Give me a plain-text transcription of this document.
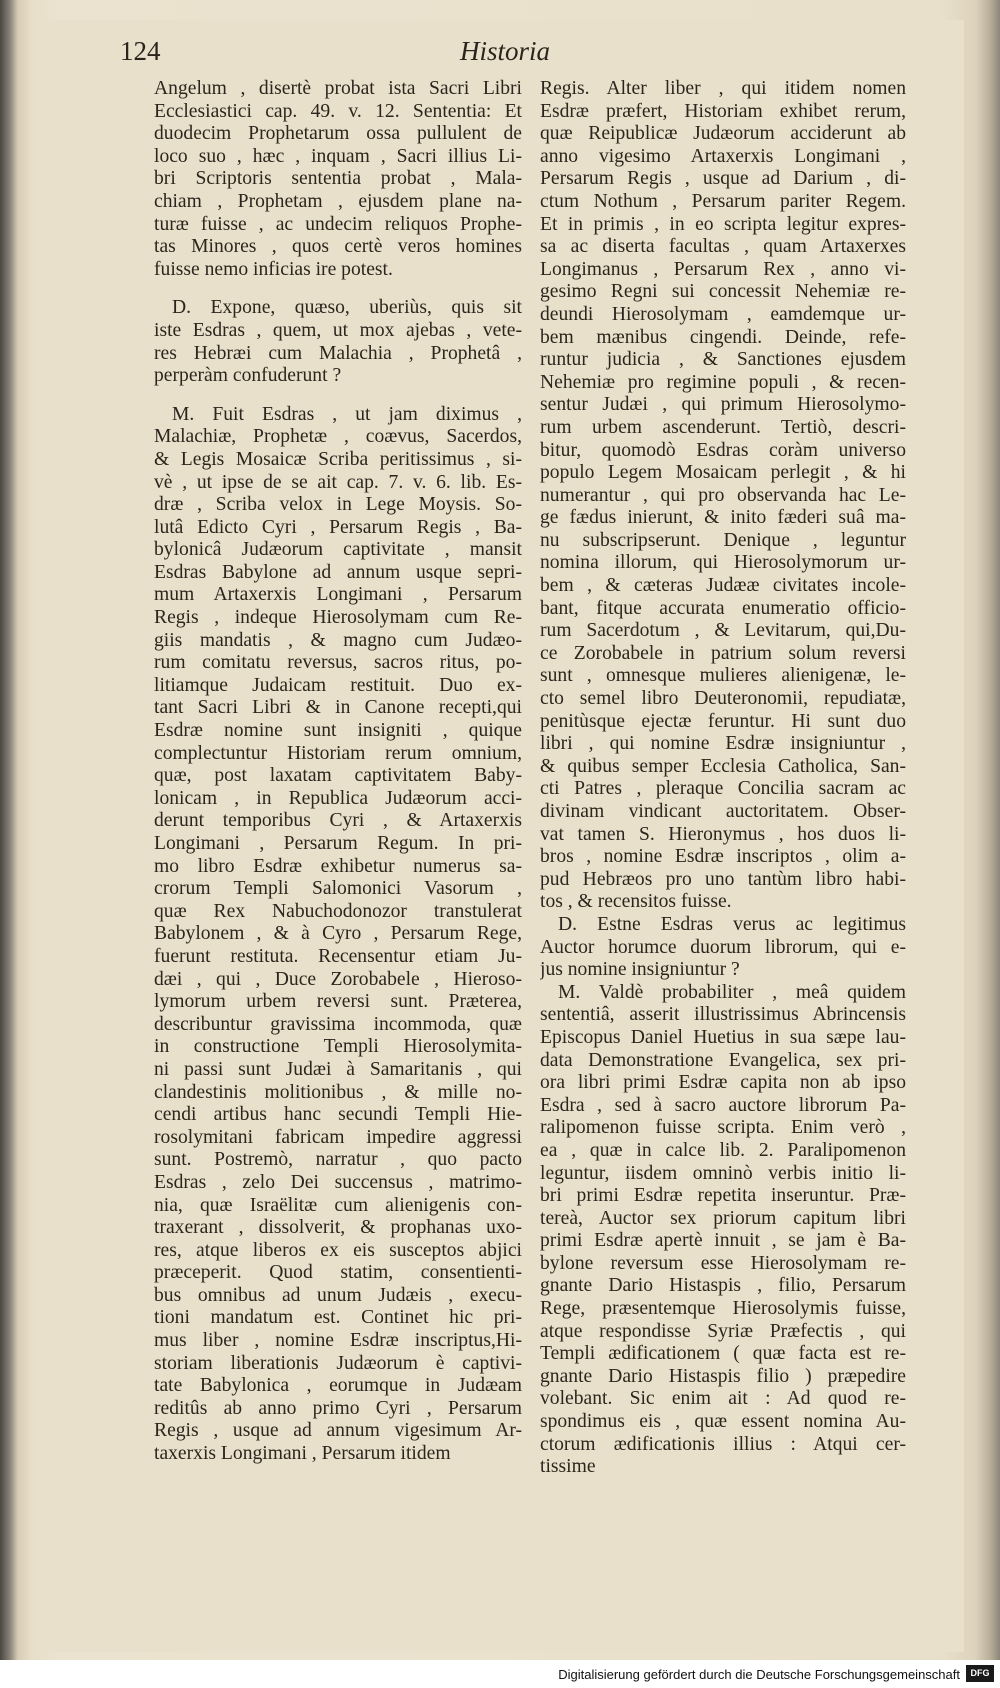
124	Historia
Angelum , disertè probat ista Sacri Libri
Ecclesiastici cap. 49. v. 12. Sententia: Et
duodecim Prophetarum ossa pullulent de
loco suo , hæc , inquam , Sacri illius Li-
bri Scriptoris sententia probat , Mala-
chiam , Prophetam , ejusdem plane na-
turæ fuisse , ac undecim reliquos Prophe-
tas Minores , quos certè veros homines
fuisse nemo inficias ire potest.
D. Expone, quæso, uberiùs, quis sit
iste Esdras , quem, ut mox ajebas , vete-
res Hebræi cum Malachia , Prophetâ ,
perperàm confuderunt ?
M. Fuit Esdras , ut jam diximus ,
Malachiæ, Prophetæ , coævus, Sacerdos,
& Legis Mosaicæ Scriba peritissimus , si-
vè , ut ipse de se ait cap. 7. v. 6. lib. Es-
dræ , Scriba velox in Lege Moysis. So-
lutâ Edicto Cyri , Persarum Regis , Ba-
bylonicâ Judæorum captivitate , mansit
Esdras Babylone ad annum usque sepri-
mum Artaxerxis Longimani , Persarum
Regis , indeque Hierosolymam cum Re-
giis mandatis , & magno cum Judæo-
rum comitatu reversus, sacros ritus, po-
litiamque Judaicam restituit. Duo ex-
tant Sacri Libri & in Canone recepti,qui
Esdræ nomine sunt insigniti , quique
complectuntur Historiam rerum omnium,
quæ, post laxatam captivitatem Baby-
lonicam , in Republica Judæorum acci-
derunt temporibus Cyri , & Artaxerxis
Longimani , Persarum Regum. In pri-
mo libro Esdræ exhibetur numerus sa-
crorum Templi Salomonici Vasorum ,
quæ Rex Nabuchodonozor transtulerat
Babylonem , & à Cyro , Persarum Rege,
fuerunt restituta. Recensentur etiam Ju-
dæi , qui , Duce Zorobabele , Hieroso-
lymorum urbem reversi sunt. Præterea,
describuntur gravissima incommoda, quæ
in constructione Templi Hierosolymita-
ni passi sunt Judæi à Samaritanis , qui
clandestinis molitionibus , & mille no-
cendi artibus hanc secundi Templi Hie-
rosolymitani fabricam impedire aggressi
sunt. Postremò, narratur , quo pacto
Esdras , zelo Dei succensus , matrimo-
nia, quæ Israëlitæ cum alienigenis con-
traxerant , dissolverit, & prophanas uxo-
res, atque liberos ex eis susceptos abjici
præceperit. Quod statim, consentienti-
bus omnibus ad unum Judæis , execu-
tioni mandatum est. Continet hic pri-
mus liber , nomine Esdræ inscriptus,Hi-
storiam liberationis Judæorum è captivi-
tate Babylonica , eorumque in Judæam
reditûs ab anno primo Cyri , Persarum
Regis , usque ad annum vigesimum Ar-
taxerxis Longimani , Persarum itidem
Regis. Alter liber , qui itidem nomen
Esdræ præfert, Historiam exhibet rerum,
quæ Reipublicæ Judæorum acciderunt ab
anno vigesimo Artaxerxis Longimani ,
Persarum Regis , usque ad Darium , di-
ctum Nothum , Persarum pariter Regem.
Et in primis , in eo scripta legitur expres-
sa ac diserta facultas , quam Artaxerxes
Longimanus , Persarum Rex , anno vi-
gesimo Regni sui concessit Nehemiæ re-
deundi Hierosolymam , eamdemque ur-
bem mænibus cingendi. Deinde, refe-
runtur judicia , & Sanctiones ejusdem
Nehemiæ pro regimine populi , & recen-
sentur Judæi , qui primum Hierosolymo-
rum urbem ascenderunt. Tertiò, descri-
bitur, quomodò Esdras coràm universo
populo Legem Mosaicam perlegit , & hi
numerantur , qui pro observanda hac Le-
ge fædus inierunt, & inito fæderi suâ ma-
nu subscripserunt. Denique , leguntur
nomina illorum, qui Hierosolymorum ur-
bem , & cæteras Judææ civitates incole-
bant, fitque accurata enumeratio officio-
rum Sacerdotum , & Levitarum, qui,Du-
ce Zorobabele in patrium solum reversi
sunt , omnesque mulieres alienigenæ, le-
cto semel libro Deuteronomii, repudiatæ,
penitùsque ejectæ feruntur. Hi sunt duo
libri , qui nomine Esdræ insigniuntur ,
& quibus semper Ecclesia Catholica, San-
cti Patres , pleraque Concilia sacram ac
divinam vindicant auctoritatem. Obser-
vat tamen S. Hieronymus , hos duos li-
bros , nomine Esdræ inscriptos , olim a-
pud Hebræos pro uno tantùm libro habi-
tos , & recensitos fuisse.
D. Estne Esdras verus ac legitimus
Auctor horumce duorum librorum, qui e-
jus nomine insigniuntur ?
M. Valdè probabiliter , meâ quidem
sententiâ, asserit illustrissimus Abrincensis
Episcopus Daniel Huetius in sua sæpe lau-
data Demonstratione Evangelica, sex pri-
ora libri primi Esdræ capita non ab ipso
Esdra , sed à sacro auctore librorum Pa-
ralipomenon fuisse scripta. Enim verò ,
ea , quæ in calce lib. 2. Paralipomenon
leguntur, iisdem omninò verbis initio li-
bri primi Esdræ repetita inseruntur. Præ-
tereà, Auctor sex priorum capitum libri
primi Esdræ apertè innuit , se jam è Ba-
bylone reversum esse Hierosolymam re-
gnante Dario Histaspis , filio, Persarum
Rege, præsentemque Hierosolymis fuisse,
atque respondisse Syriæ Præfectis , qui
Templi ædificationem ( quæ facta est re-
gnante Dario Histaspis filio ) præpedire
volebant. Sic enim ait : Ad quod re-
spondimus eis , quæ essent nomina Au-
ctorum ædificationis illius : Atqui cer-
tissime
Digitalisierung gefördert durch die Deutsche Forschungsgemeinschaft	DFG
